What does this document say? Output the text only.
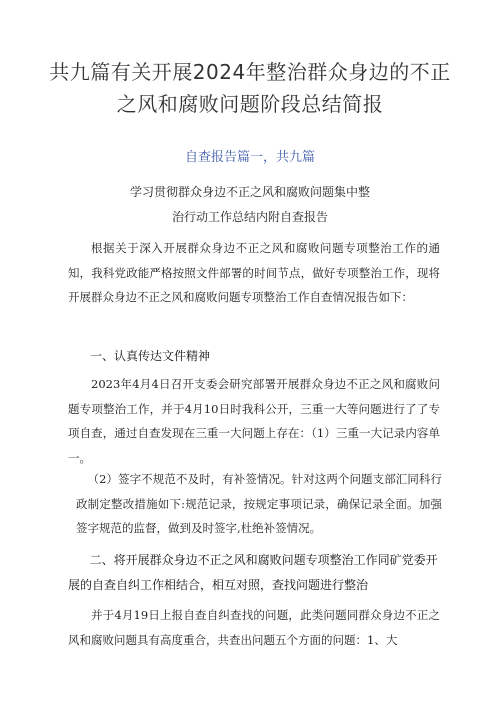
共九篇有关开展2024年整治群众身边的不正之风和腐败问题阶段总结简报
自查报告篇一，共九篇
学习贯彻群众身边不正之风和腐败问题集中整
治行动工作总结内附自查报告
根据关于深入开展群众身边不正之风和腐败问题专项整治工作的通知，我科党政能严格按照文件部署的时间节点，做好专项整治工作，现将开展群众身边不正之风和腐败问题专项整治工作自查情况报告如下：
一、认真传达文件精神
2023年4月4日召开支委会研究部署开展群众身边不正之风和腐败问题专项整治工作，并于4月10日时我科公开，三重一大等问题进行了了专项自查，通过自查发现在三重一大问题上存在：（1）三重一大记录内容单一。
（2）签字不规范不及时，有补签情况。针对这两个问题支部汇同科行政制定整改措施如下:规范记录，按规定事项记录，确保记录全面。加强签字规范的监督，做到及时签字,杜绝补签情况。
二、将开展群众身边不正之风和腐败问题专项整治工作同矿党委开展的自查自纠工作相结合，相互对照，查找问题进行整治
并于4月19日上报自查自纠查找的问题，此类问题同群众身边不正之风和腐败问题具有高度重合，共查出问题五个方面的问题：1、大
